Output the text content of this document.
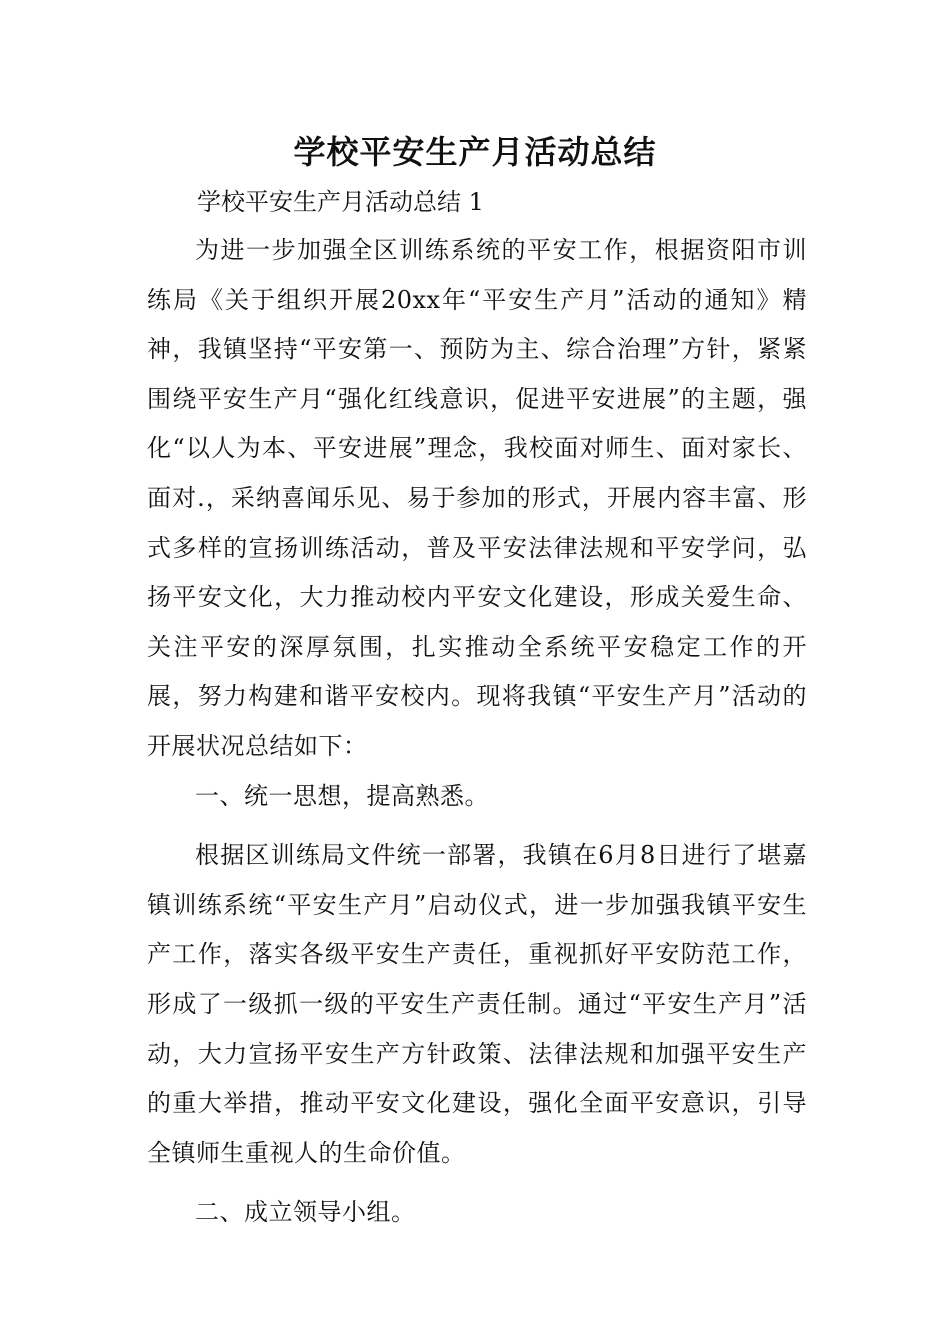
学校平安生产月活动总结
学校平安生产月活动总结 1

为进一步加强全区训练系统的平安工作，根据资阳市训练局《关于组织开展20xx年“平安生产月”活动的通知》精神，我镇坚持“平安第一、预防为主、综合治理”方针，紧紧围绕平安生产月“强化红线意识，促进平安进展”的主题，强化“以人为本、平安进展”理念，我校面对师生、面对家长、面对.，采纳喜闻乐见、易于参加的形式，开展内容丰富、形式多样的宣扬训练活动，普及平安法律法规和平安学问，弘扬平安文化，大力推动校内平安文化建设，形成关爱生命、关注平安的深厚氛围，扎实推动全系统平安稳定工作的开展，努力构建和谐平安校内。现将我镇“平安生产月”活动的开展状况总结如下：

一、统一思想，提高熟悉。

根据区训练局文件统一部署，我镇在6月8日进行了堪嘉镇训练系统“平安生产月”启动仪式，进一步加强我镇平安生产工作，落实各级平安生产责任，重视抓好平安防范工作，形成了一级抓一级的平安生产责任制。通过“平安生产月”活动，大力宣扬平安生产方针政策、法律法规和加强平安生产的重大举措，推动平安文化建设，强化全面平安意识，引导全镇师生重视人的生命价值。

二、成立领导小组。
